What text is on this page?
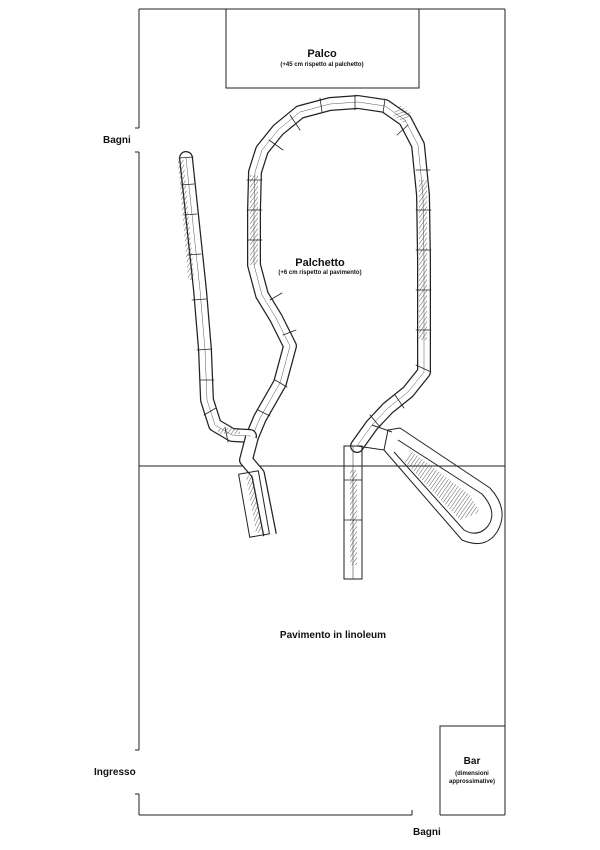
Palco
(+45 cm rispetto al palchetto)
Palchetto
(+6 cm rispetto al pavimento)
Pavimento in linoleum
Bar
(dimensioni
approssimative)
Bagni
Ingresso
Bagni
